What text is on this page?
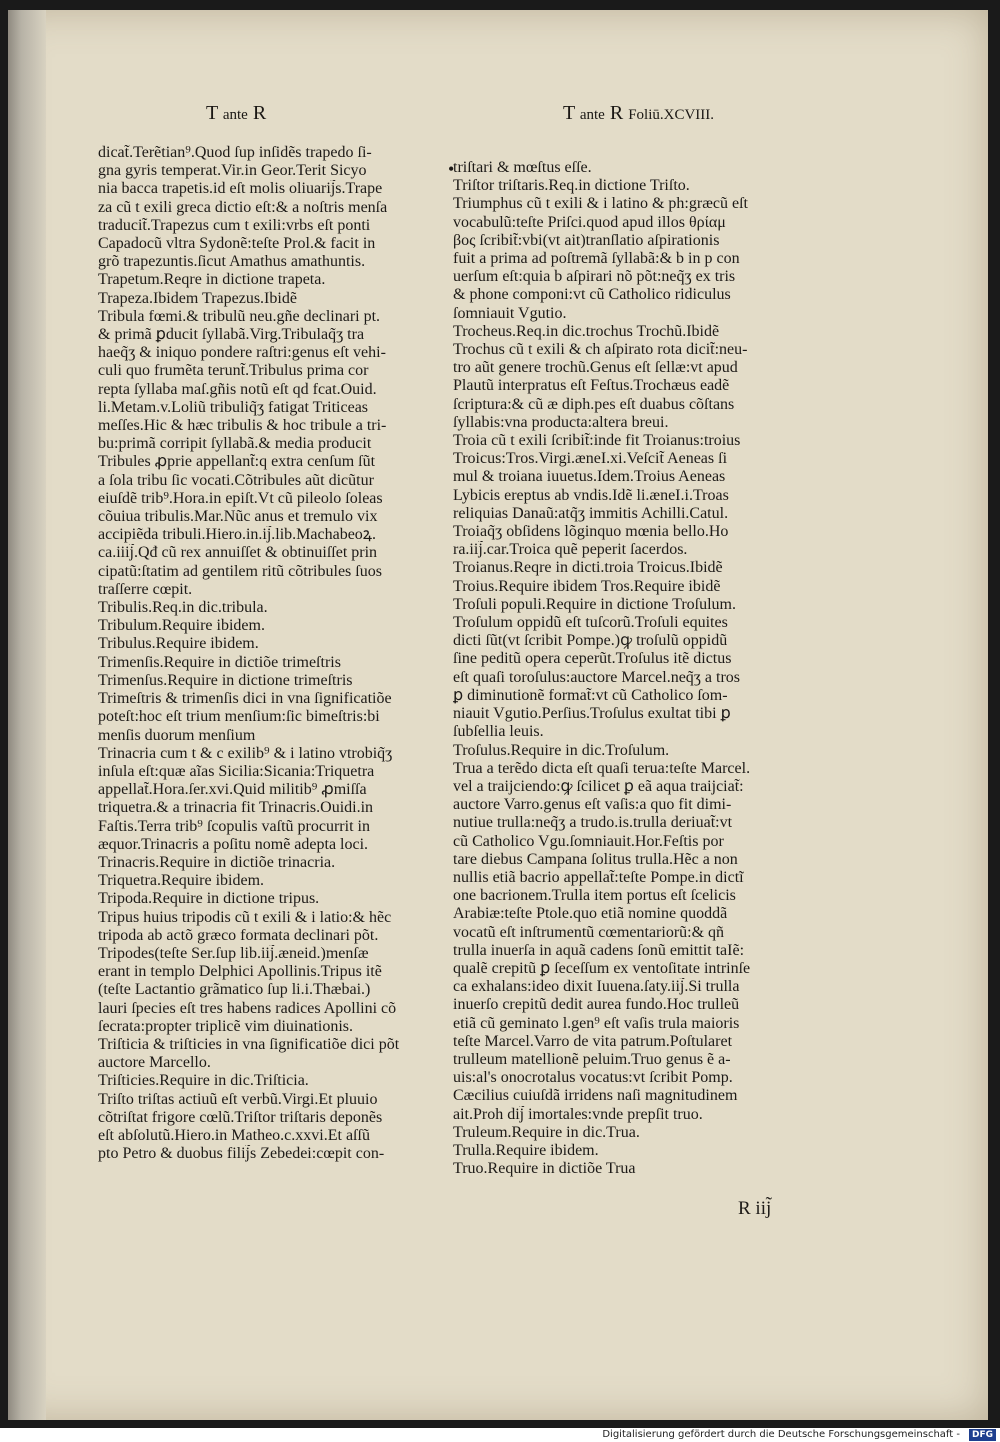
T ante R	T ante R Foliū.XCVIII.
dicat̃.Terẽtian⁹.Quod ſup inſidẽs trapedo ſi-
gna gyris temperat.Vir.in Geor.Terit Sicyo
nia bacca trapetis.id eſt molis oliuarij̃s.Trape
za cũ t exili greca dictio eſt:& a noſtris menſa
traducit̃.Trapezus cum t exili:vrbs eſt ponti
Capadocũ vltra Sydonẽ:teſte Prol.& facit in
grõ trapezuntis.ſicut Amathus amathuntis.
Trapetum.Reqre in dictione trapeta.
Trapeza.Ibidem Trapezus.Ibidẽ
Tribula fœmi.& tribulũ neu.gñe declinari pt.
& primã ꝑducit ſyllabã.Virg.Tribulaq̃ʒ tra
haeq̃ʒ & iniquo pondere raſtri:genus eſt vehi-
culi quo frumẽta terunt̃.Tribulus prima cor
repta ſyllaba maſ.gñis notũ eſt qd fcat.Ouid.
li.Metam.v.Loliũ tribuliq̃ʒ fatigat Triticeas
meſſes.Hic & hæc tribulis & hoc tribule a tri-
bu:primã corripit ſyllabã.& media producit
Tribules ꝓprie appellant̃:q extra cenſum ſũt
a ſola tribu ſic vocati.Cõtribules aũt dicũtur
eiuſdẽ trib⁹.Hora.in epiſt.Vt cũ pileolo ſoleas
cõuiua tribulis.Mar.Nũc anus et tremulo vix
accipiẽda tribuli.Hiero.in.ij̃.lib.Machabeoꝝ.
ca.iiij̃.Qđ cũ rex annuiſſet & obtinuiſſet prin
cipatũ:ſtatim ad gentilem ritũ cõtribules ſuos
traſſerre cœpit.
Tribulis.Req.in dic.tribula.
Tribulum.Require ibidem.
Tribulus.Require ibidem.
Trimenſis.Require in dictiõe trimeſtris
Trimenſus.Require in dictione trimeſtris
Trimeſtris & trimenſis dici in vna ſignificatiõe
poteſt:hoc eſt trium menſium:ſic bimeſtris:bi
menſis duorum menſium
Trinacria cum t & c exilib⁹ & i latino vtrobiq̃ʒ
inſula eſt:quæ aĩas Sicilia:Sicania:Triquetra
appellat̃.Hora.ſer.xvi.Quid militib⁹ ꝓmiſſa
triquetra.& a trinacria fit Trinacris.Ouidi.in
Faſtis.Terra trib⁹ ſcopulis vaſtũ procurrit in
æquor.Trinacris a poſitu nomẽ adepta loci.
Trinacris.Require in dictiõe trinacria.
Triquetra.Require ibidem.
Tripoda.Require in dictione tripus.
Tripus huius tripodis cũ t exili & i latio:& hẽc
tripoda ab actõ græco formata declinari põt.
Tripodes(teſte Ser.ſup lib.iij̃.æneid.)menſæ
erant in templo Delphici Apollinis.Tripus itẽ
(teſte Lactantio grãmatico ſup li.i.Thæbai.)
lauri ſpecies eſt tres habens radices Apollini cõ
ſecrata:propter triplicẽ vim diuinationis.
Triſticia & triſticies in vna ſignificatiõe dici põt
auctore Marcello.
Triſticies.Require in dic.Triſticia.
Triſto triſtas actiuũ eſt verbũ.Virgi.Et pluuio
cõtriſtat frigore cœlũ.Triſtor triſtaris deponẽs
eſt abſolutũ.Hiero.in Matheo.c.xxvi.Et aſſũ
pto Petro & duobus filij̃s Zebedei:cœpit con-
•
triſtari & mœſtus eſſe.
Triſtor triſtaris.Req.in dictione Triſto.
Triumphus cũ t exili & i latino & ph:græcũ eſt
vocabulũ:teſte Priſci.quod apud illos θρίαμ
βος ſcribit̃:vbi(vt ait)tranſlatio aſpirationis
fuit a prima ad poſtremã ſyllabã:& b in p con
uerſum eſt:quia b aſpirari nõ põt:neq̃ʒ ex tris
& phone componi:vt cũ Catholico ridiculus
ſomniauit Vgutio.
Trocheus.Req.in dic.trochus Trochũ.Ibidẽ
Trochus cũ t exili & ch aſpirato rota dicit̃:neu-
tro aũt genere trochũ.Genus eſt ſellæ:vt apud
Plautũ interpratus eſt Feſtus.Trochæus eadẽ
ſcriptura:& cũ æ diph.pes eſt duabus cõſtans
ſyllabis:vna producta:altera breui.
Troia cũ t exili ſcribit̃:inde fit Troianus:troius
Troicus:Tros.Virgi.æneI.xi.Veſcit̃ Aeneas ſi
mul & troiana iuuetus.Idem.Troius Aeneas
Lybicis ereptus ab vndis.Idẽ li.æneI.i.Troas
reliquias Danaũ:atq̃ʒ immitis Achilli.Catul.
Troiaq̃ʒ obſidens lõginquo mœnia bello.Ho
ra.iij̃.car.Troica quẽ peperit ſacerdos.
Troianus.Reqre in dicti.troia Troicus.Ibidẽ
Troius.Require ibidem Tros.Require ibidẽ
Troſuli populi.Require in dictione Troſulum.
Troſulum oppidũ eſt tuſcorũ.Troſuli equites
dicti ſũt(vt ſcribit Pompe.)ꝙ troſulũ oppidũ
ſine peditũ opera ceperũt.Troſulus itẽ dictus
eſt quaſi toroſulus:auctore Marcel.neq̃ʒ a tros
ꝑ diminutionẽ format̃:vt cũ Catholico ſom-
niauit Vgutio.Perſius.Troſulus exultat tibi ꝑ
ſubſellia leuis.
Troſulus.Require in dic.Troſulum.
Trua a terẽdo dicta eſt quaſi terua:teſte Marcel.
vel a traijciendo:ꝙ ſcilicet ꝑ eã aqua traijciat̃:
auctore Varro.genus eſt vaſis:a quo fit dimi-
nutiue trulla:neq̃ʒ a trudo.is.trulla deriuat̃:vt
cũ Catholico Vgu.ſomniauit.Hor.Feſtis por
tare diebus Campana ſolitus trulla.Hẽc a non
nullis etiã bacrio appellat̃:teſte Pompe.in dictĩ
one bacrionem.Trulla item portus eſt ſcelicis
Arabiæ:teſte Ptole.quo etiã nomine quoddã
vocatũ eſt inſtrumentũ cœmentariorũ:& qñ
trulla inuerſa in aquã cadens ſonũ emittit taIẽ:
qualẽ crepitũ ꝑ ſeceſſum ex ventoſitate intrinſe
ca exhalans:ideo dixit Iuuena.ſaty.iij̃.Si trulla
inuerſo crepitũ dedit aurea fundo.Hoc trulleũ
etiã cũ geminato l.gen⁹ eſt vaſis trula maioris
teſte Marcel.Varro de vita patrum.Poſtularet
trulleum matellionẽ peluim.Truo genus ẽ a-
uis:al's onocrotalus vocatus:vt ſcribit Pomp.
Cæcilius cuiuſdã irridens naſi magnitudinem
ait.Proh dij̃ imortales:vnde prepſit truo.
Truleum.Require in dic.Trua.
Trulla.Require ibidem.
Truo.Require in dictiõe Trua
R iij̃
Digitalisierung gefördert durch die Deutsche Forschungsgemeinschaft -	DFG
